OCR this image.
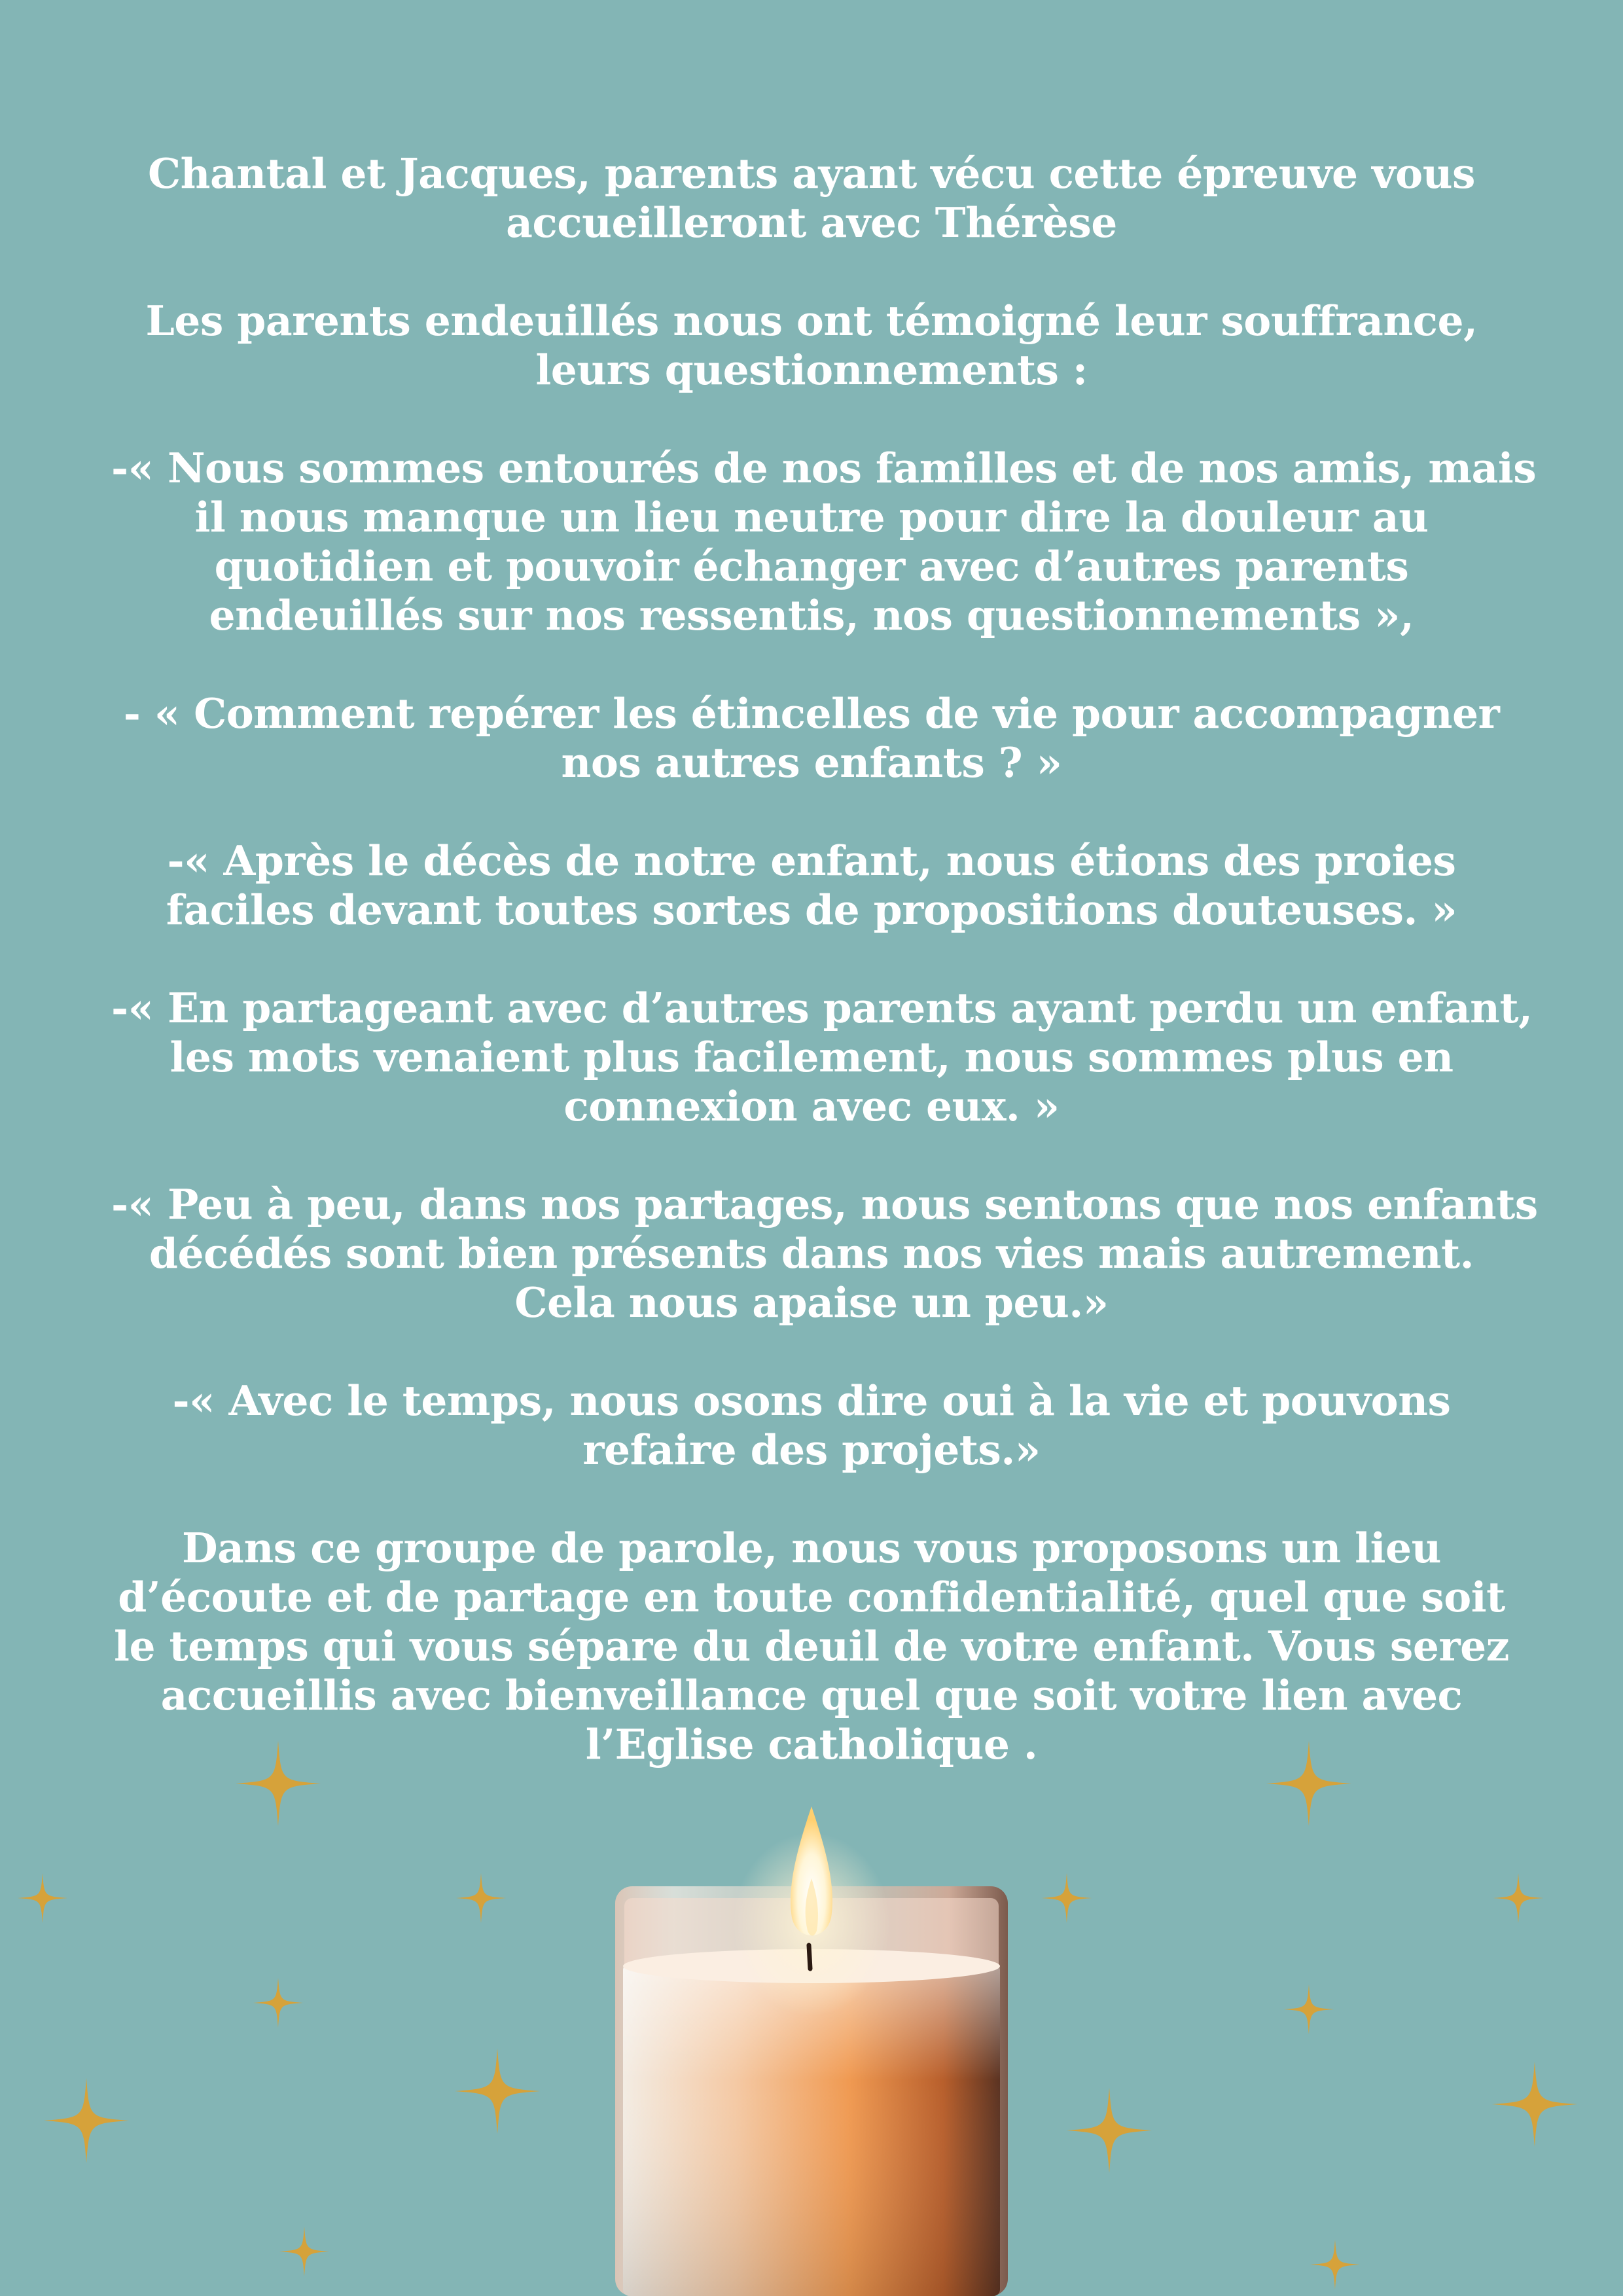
Chantal et Jacques, parents ayant vécu cette épreuve vous
accueilleront avec Thérèse

Les parents endeuillés nous ont témoigné leur souffrance,
leurs questionnements :

-« Nous sommes entourés de nos familles et de nos amis, mais
il nous manque un lieu neutre pour dire la douleur au
quotidien et pouvoir échanger avec d’autres parents
endeuillés sur nos ressentis, nos questionnements »,

- « Comment repérer les étincelles de vie pour accompagner
nos autres enfants ? »

-« Après le décès de notre enfant, nous étions des proies
faciles devant toutes sortes de propositions douteuses. »

-« En partageant avec d’autres parents ayant perdu un enfant,
les mots venaient plus facilement, nous sommes plus en
connexion avec eux. »

-« Peu à peu, dans nos partages, nous sentons que nos enfants
décédés sont bien présents dans nos vies mais autrement.
Cela nous apaise un peu.»

-« Avec le temps, nous osons dire oui à la vie et pouvons
refaire des projets.»

Dans ce groupe de parole, nous vous proposons un lieu
d’écoute et de partage en toute confidentialité, quel que soit
le temps qui vous sépare du deuil de votre enfant. Vous serez
accueillis avec bienveillance quel que soit votre lien avec
l’Eglise catholique .
